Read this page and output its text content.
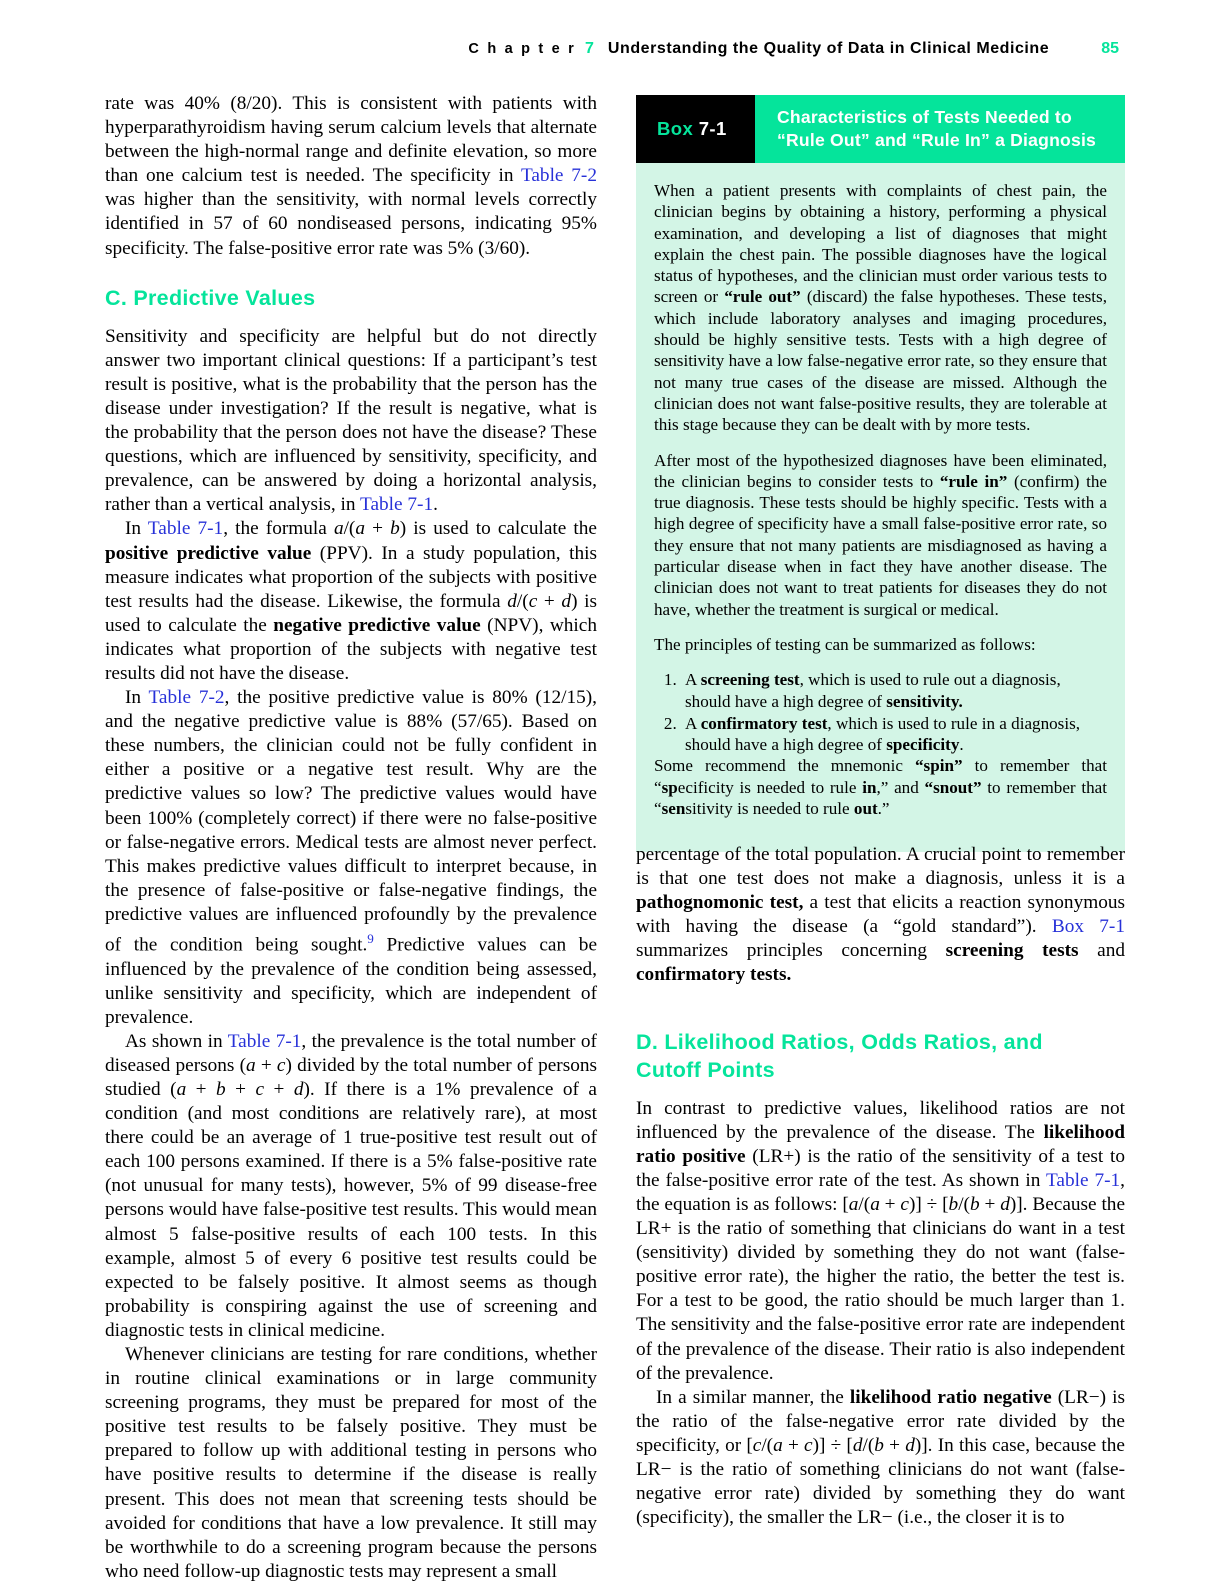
C h a p t e r 7 Understanding the Quality of Data in Clinical Medicine	85

rate was 40% (8/20). This is consistent with patients with hyperparathyroidism having serum calcium levels that alternate between the high-normal range and definite elevation, so more than one calcium test is needed. The specificity in Table 7-2 was higher than the sensitivity, with normal levels correctly identified in 57 of 60 nondiseased persons, indicating 95% specificity. The false-positive error rate was 5% (3/60).

C. Predictive Values

Sensitivity and specificity are helpful but do not directly answer two important clinical questions: If a participant’s test result is positive, what is the probability that the person has the disease under investigation? If the result is negative, what is the probability that the person does not have the disease? These questions, which are influenced by sensitivity, specificity, and prevalence, can be answered by doing a horizontal analysis, rather than a vertical analysis, in Table 7-1.

In Table 7-1, the formula a/(a + b) is used to calculate the positive predictive value (PPV). In a study population, this measure indicates what proportion of the subjects with positive test results had the disease. Likewise, the formula d/(c + d) is used to calculate the negative predictive value (NPV), which indicates what proportion of the subjects with negative test results did not have the disease.

In Table 7-2, the positive predictive value is 80% (12/15), and the negative predictive value is 88% (57/65). Based on these numbers, the clinician could not be fully confident in either a positive or a negative test result. Why are the predictive values so low? The predictive values would have been 100% (completely correct) if there were no false-positive or false-negative errors. Medical tests are almost never perfect. This makes predictive values difficult to interpret because, in the presence of false-positive or false-negative findings, the predictive values are influenced profoundly by the prevalence of the condition being sought.$^9$ Predictive values can be influenced by the prevalence of the condition being assessed, unlike sensitivity and specificity, which are independent of prevalence.

As shown in Table 7-1, the prevalence is the total number of diseased persons (a + c) divided by the total number of persons studied (a + b + c + d). If there is a 1% prevalence of a condition (and most conditions are relatively rare), at most there could be an average of 1 true-positive test result out of each 100 persons examined. If there is a 5% false-positive rate (not unusual for many tests), however, 5% of 99 disease-free persons would have false-positive test results. This would mean almost 5 false-positive results of each 100 tests. In this example, almost 5 of every 6 positive test results could be expected to be falsely positive. It almost seems as though probability is conspiring against the use of screening and diagnostic tests in clinical medicine.

Whenever clinicians are testing for rare conditions, whether in routine clinical examinations or in large community screening programs, they must be prepared for most of the positive test results to be falsely positive. They must be prepared to follow up with additional testing in persons who have positive results to determine if the disease is really present. This does not mean that screening tests should be avoided for conditions that have a low prevalence. It still may be worthwhile to do a screening program because the persons who need follow-up diagnostic tests may represent a small

Box 7-1
Characteristics of Tests Needed to
“Rule Out” and “Rule In” a Diagnosis

When a patient presents with complaints of chest pain, the clinician begins by obtaining a history, performing a physical examination, and developing a list of diagnoses that might explain the chest pain. The possible diagnoses have the logical status of hypotheses, and the clinician must order various tests to screen or “rule out” (discard) the false hypotheses. These tests, which include laboratory analyses and imaging procedures, should be highly sensitive tests. Tests with a high degree of sensitivity have a low false-negative error rate, so they ensure that not many true cases of the disease are missed. Although the clinician does not want false-positive results, they are tolerable at this stage because they can be dealt with by more tests.

After most of the hypothesized diagnoses have been eliminated, the clinician begins to consider tests to “rule in” (confirm) the true diagnosis. These tests should be highly specific. Tests with a high degree of specificity have a small false-positive error rate, so they ensure that not many patients are misdiagnosed as having a particular disease when in fact they have another disease. The clinician does not want to treat patients for diseases they do not have, whether the treatment is surgical or medical.

The principles of testing can be summarized as follows:

1. A screening test, which is used to rule out a diagnosis, should have a high degree of sensitivity.
2. A confirmatory test, which is used to rule in a diagnosis, should have a high degree of specificity.

Some recommend the mnemonic “spin” to remember that “specificity is needed to rule in,” and “snout” to remember that “sensitivity is needed to rule out.”

percentage of the total population. A crucial point to remember is that one test does not make a diagnosis, unless it is a pathognomonic test, a test that elicits a reaction synonymous with having the disease (a “gold standard”). Box 7-1 summarizes principles concerning screening tests and confirmatory tests.

D. Likelihood Ratios, Odds Ratios, and
Cutoff Points

In contrast to predictive values, likelihood ratios are not influenced by the prevalence of the disease. The likelihood ratio positive (LR+) is the ratio of the sensitivity of a test to the false-positive error rate of the test. As shown in Table 7-1, the equation is as follows: [a/(a + c)] ÷ [b/(b + d)]. Because the LR+ is the ratio of something that clinicians do want in a test (sensitivity) divided by something they do not want (false-positive error rate), the higher the ratio, the better the test is. For a test to be good, the ratio should be much larger than 1. The sensitivity and the false-positive error rate are independent of the prevalence of the disease. Their ratio is also independent of the prevalence.

In a similar manner, the likelihood ratio negative (LR−) is the ratio of the false-negative error rate divided by the specificity, or [c/(a + c)] ÷ [d/(b + d)]. In this case, because the LR− is the ratio of something clinicians do not want (false-negative error rate) divided by something they do want (specificity), the smaller the LR− (i.e., the closer it is to
